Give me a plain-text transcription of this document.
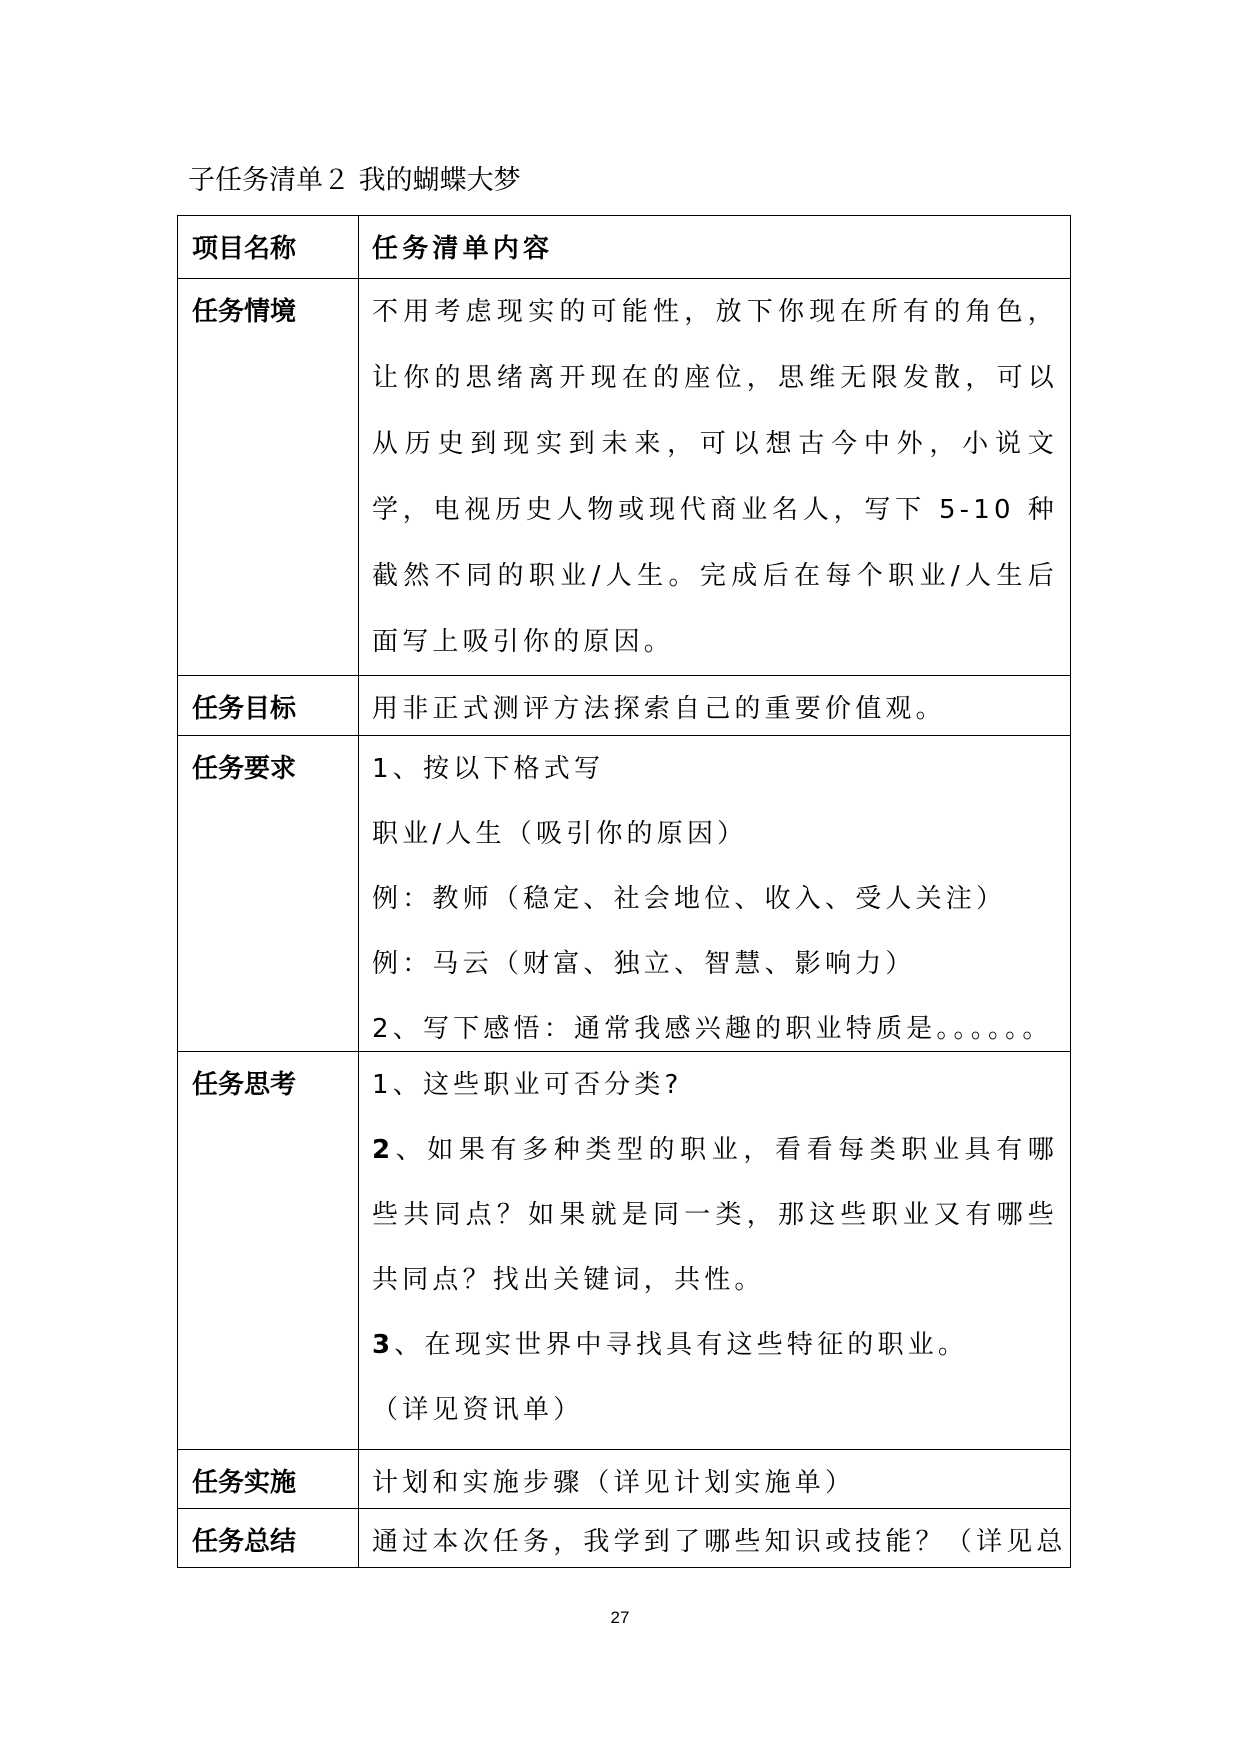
子任务清单２ 我的蝴蝶大梦
项目名称	任务清单内容

任务情境	不用考虑现实的可能性，放下你现在所有的角色，让你的思绪离开现在的座位，思维无限发散，可以从历史到现实到未来，可以想古今中外，小说文学，电视历史人物或现代商业名人，写下 5-10 种截然不同的职业/人生。完成后在每个职业/人生后面写上吸引你的原因。

任务目标	用非正式测评方法探索自己的重要价值观。

任务要求	1、按以下格式写
职业/人生（吸引你的原因）
例：教师（稳定、社会地位、收入、受人关注）
例：马云（财富、独立、智慧、影响力）
2、写下感悟：通常我感兴趣的职业特质是。。。。。。

任务思考	1、这些职业可否分类?
2、如果有多种类型的职业，看看每类职业具有哪些共同点？如果就是同一类，那这些职业又有哪些共同点？找出关键词，共性。
3、在现实世界中寻找具有这些特征的职业。
（详见资讯单）

任务实施	计划和实施步骤（详见计划实施单）

任务总结	通过本次任务，我学到了哪些知识或技能？（详见总
27
